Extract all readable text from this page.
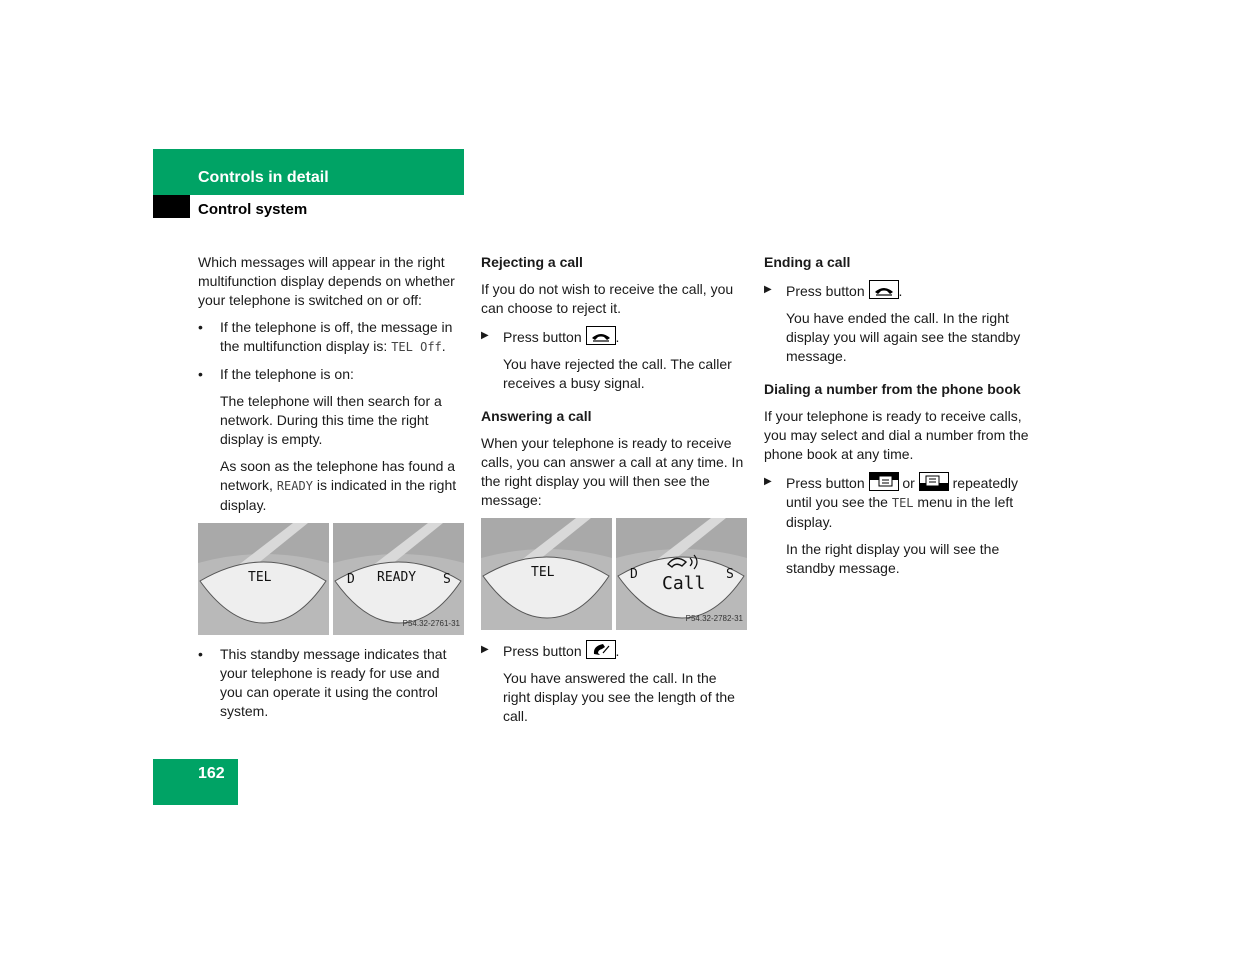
Controls in detail
Control system

Which messages will appear in the right multifunction display depends on whether your telephone is switched on or off:

• If the telephone is off, the message in the multifunction display is: TEL Off.
• If the telephone is on:

The telephone will then search for a network. During this time the right display is empty.

As soon as the telephone has found a network, READY is indicated in the right display.

TEL	D READY S
P54.32-2761-31
• This standby message indicates that your telephone is ready for use and you can operate it using the control system.

Rejecting a call

If you do not wish to receive the call, you can choose to reject it.

▶ Press button .

You have rejected the call. The caller receives a busy signal.

Answering a call

When your telephone is ready to receive calls, you can answer a call at any time. In the right display you will then see the message:

TEL	D Call S
P54.32-2782-31
▶ Press button .

You have answered the call. In the right display you see the length of the call.

Ending a call

▶ Press button .

You have ended the call. In the right display you will again see the standby message.

Dialing a number from the phone book

If your telephone is ready to receive calls, you may select and dial a number from the phone book at any time.

▶ Press button	or	repeatedly until you see the TEL menu in the left display.

In the right display you will see the standby message.

162
